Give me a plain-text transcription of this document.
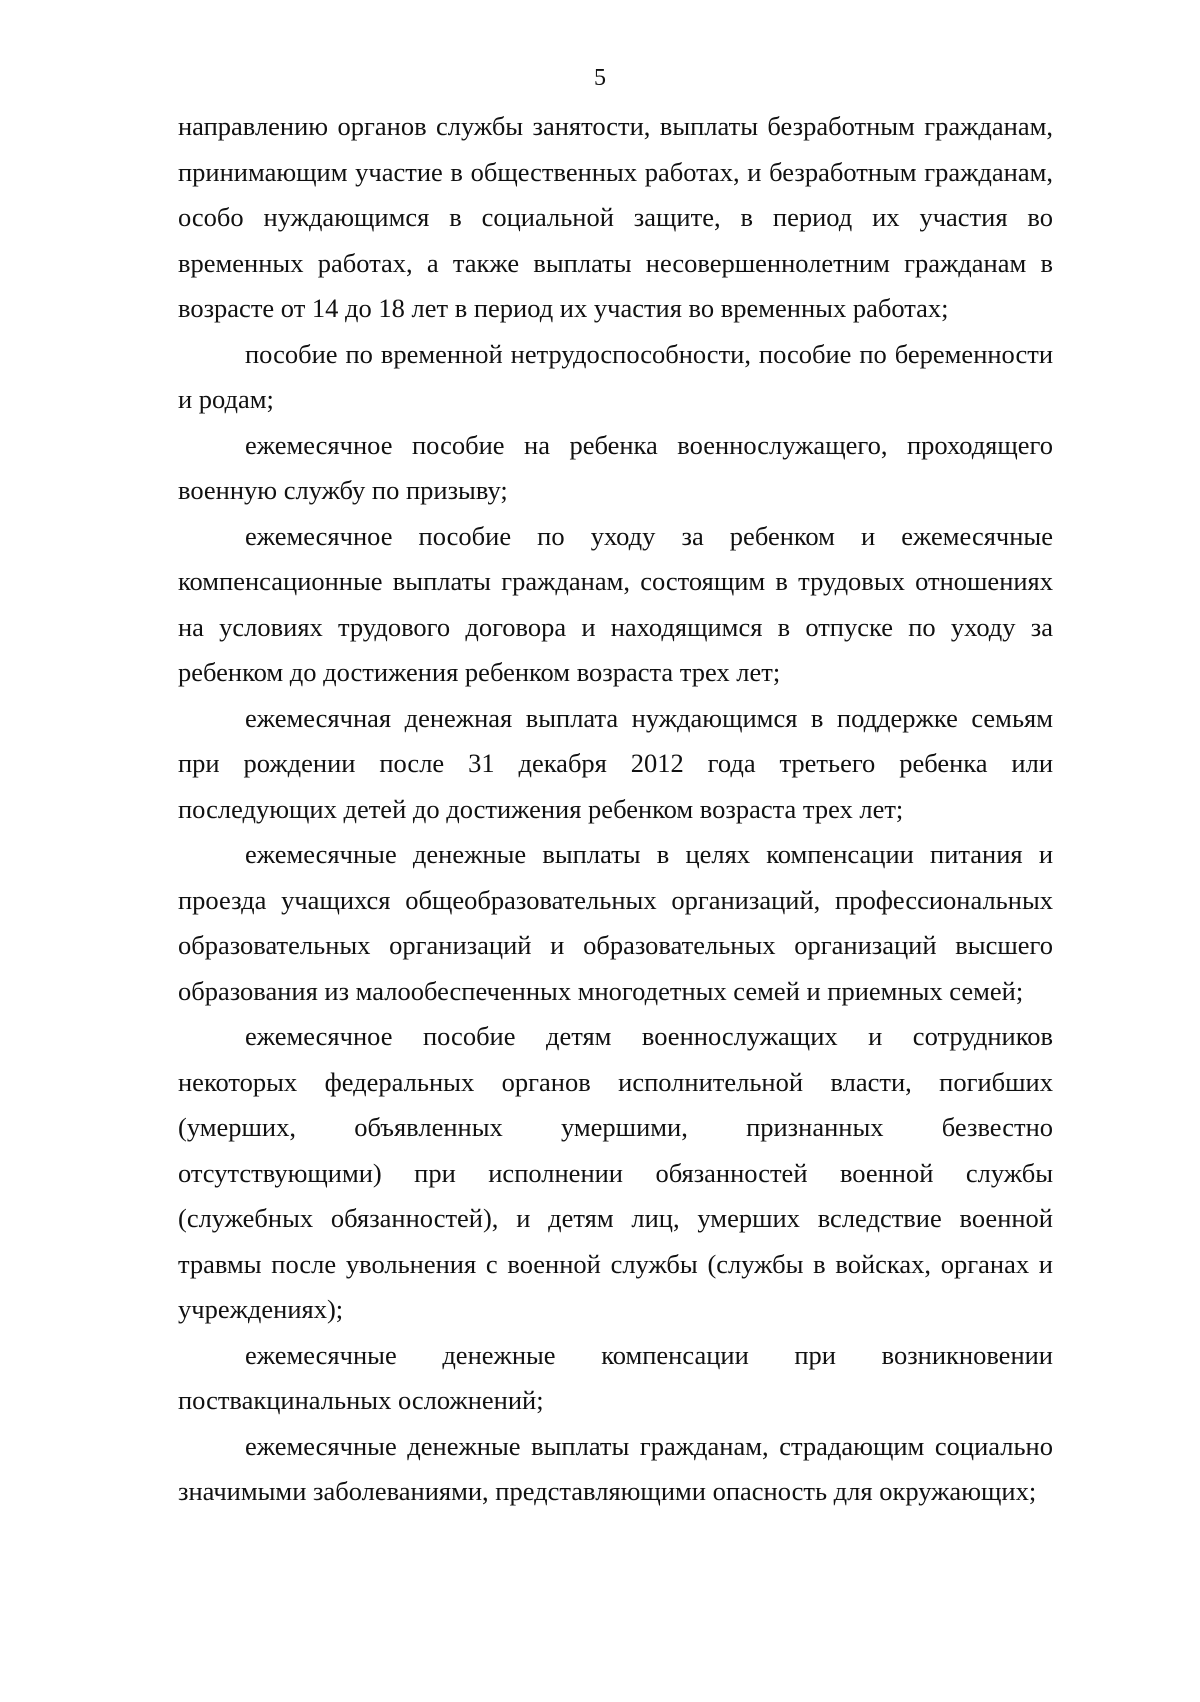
5

направлению органов службы занятости, выплаты безработным гражданам, принимающим участие в общественных работах, и безработным гражданам, особо нуждающимся в социальной защите, в период их участия во временных работах, а также выплаты несовершеннолетним гражданам в возрасте от 14 до 18 лет в период их участия во временных работах;

пособие по временной нетрудоспособности, пособие по беременности и родам;

ежемесячное пособие на ребенка военнослужащего, проходящего военную службу по призыву;

ежемесячное пособие по уходу за ребенком и ежемесячные компенсационные выплаты гражданам, состоящим в трудовых отношениях на условиях трудового договора и находящимся в отпуске по уходу за ребенком до достижения ребенком возраста трех лет;

ежемесячная денежная выплата нуждающимся в поддержке семьям при рождении после 31 декабря 2012 года третьего ребенка или последующих детей до достижения ребенком возраста трех лет;

ежемесячные денежные выплаты в целях компенсации питания и проезда учащихся общеобразовательных организаций, профессиональных образовательных организаций и образовательных организаций высшего образования из малообеспеченных многодетных семей и приемных семей;

ежемесячное пособие детям военнослужащих и сотрудников некоторых федеральных органов исполнительной власти, погибших (умерших, объявленных умершими, признанных безвестно отсутствующими) при исполнении обязанностей военной службы (служебных обязанностей), и детям лиц, умерших вследствие военной травмы после увольнения с военной службы (службы в войсках, органах и учреждениях);

ежемесячные денежные компенсации при возникновении поствакцинальных осложнений;

ежемесячные денежные выплаты гражданам, страдающим социально значимыми заболеваниями, представляющими опасность для окружающих;
